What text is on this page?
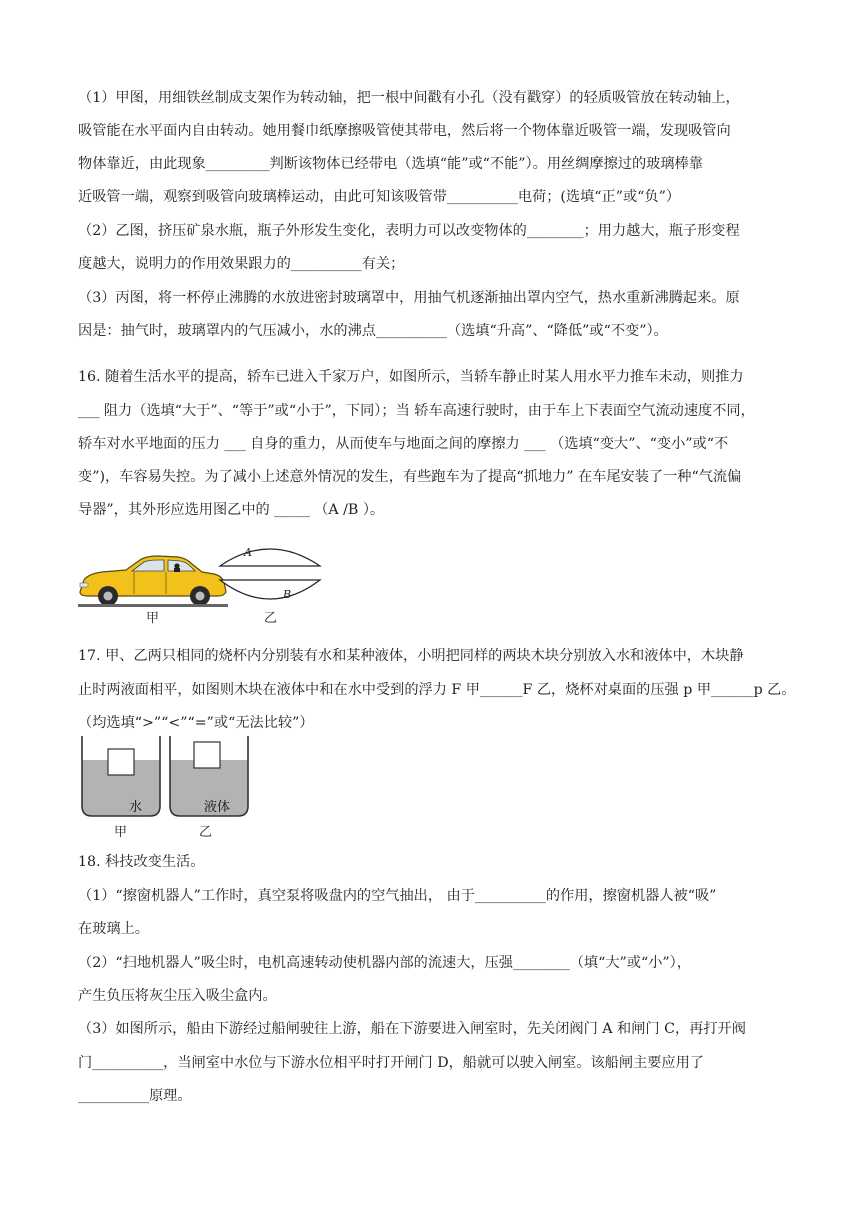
（1）甲图，用细铁丝制成支架作为转动轴，把一根中间戳有小孔（没有戳穿）的轻质吸管放在转动轴上，
吸管能在水平面内自由转动。她用餐巾纸摩擦吸管使其带电，然后将一个物体靠近吸管一端，发现吸管向
物体靠近，由此现象_________判断该物体已经带电（选填“能”或“不能”）。用丝绸摩擦过的玻璃棒靠
近吸管一端，观察到吸管向玻璃棒运动，由此可知该吸管带__________电荷；(选填“正”或“负”）
（2）乙图，挤压矿泉水瓶，瓶子外形发生变化，表明力可以改变物体的________；用力越大，瓶子形变程
度越大，说明力的作用效果跟力的__________有关；
（3）丙图，将一杯停止沸腾的水放进密封玻璃罩中，用抽气机逐渐抽出罩内空气，热水重新沸腾起来。原
因是：抽气时，玻璃罩内的气压减小，水的沸点__________（选填“升高”、“降低”或“不变”）。
16. 随着生活水平的提高，轿车已进入千家万户，如图所示，当轿车静止时某人用水平力推车未动，则推力
___ 阻力（选填“大于”、“等于”或“小于”，下同）；当 轿车高速行驶时，由于车上下表面空气流动速度不同，
轿车对水平地面的压力 ___ 自身的重力，从而使车与地面之间的摩擦力 ___ （选填“变大”、“变小”或“不
变”)，车容易失控。为了减小上述意外情况的发生，有些跑车为了提高“抓地力” 在车尾安装了一种“气流偏
导器”，其外形应选用图乙中的 _____ （A /B ）。
甲
A
B
乙
17. 甲、乙两只相同的烧杯内分别装有水和某种液体，小明把同样的两块木块分别放入水和液体中，木块静
止时两液面相平，如图则木块在液体中和在水中受到的浮力 F 甲______F 乙，烧杯对桌面的压强 p 甲______p 乙。
（均选填“>”“<”“=”或“无法比较”）
水
甲
液体
乙
18. 科技改变生活。
（1）“擦窗机器人”工作时，真空泵将吸盘内的空气抽出， 由于__________的作用，擦窗机器人被“吸”
在玻璃上。
（2）“扫地机器人”吸尘时，电机高速转动使机器内部的流速大，压强________（填“大”或“小”），
产生负压将灰尘压入吸尘盒内。
（3）如图所示，船由下游经过船闸驶往上游，船在下游要进入闸室时，先关闭阀门 A 和闸门 C，再打开阀
门__________，当闸室中水位与下游水位相平时打开闸门 D，船就可以驶入闸室。该船闸主要应用了
__________原理。
